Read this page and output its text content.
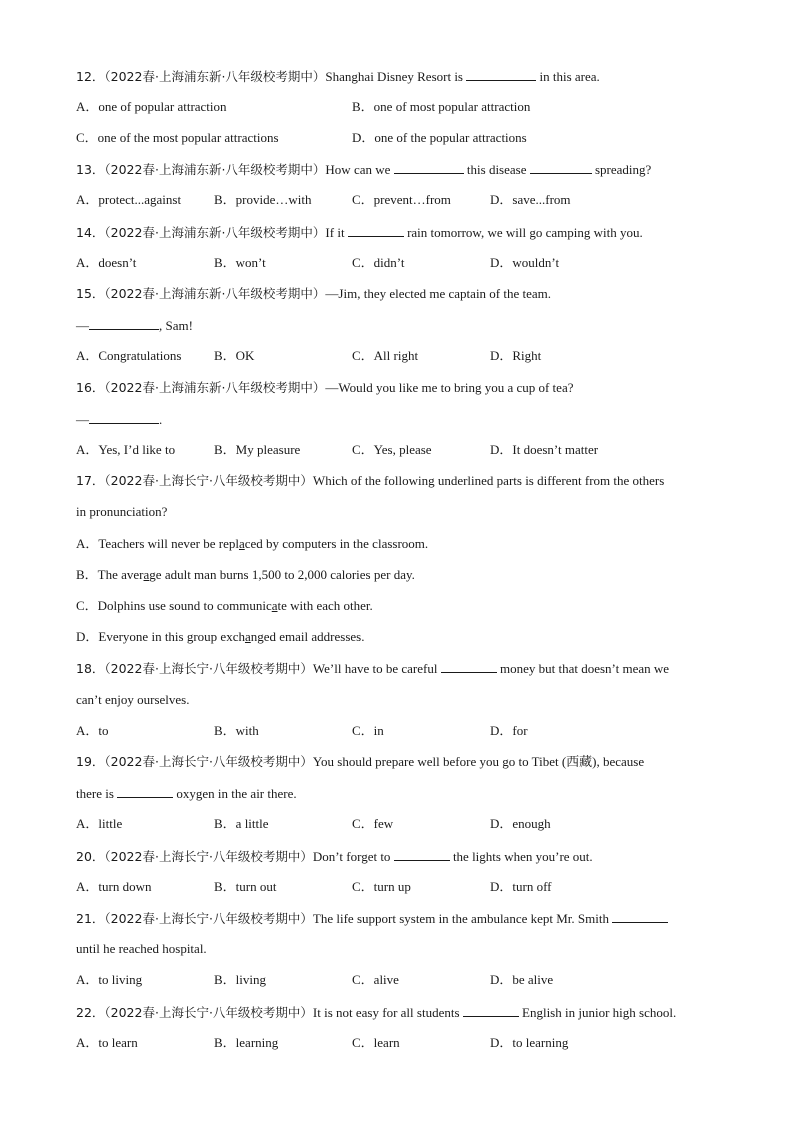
12．（2022春·上海浦东新·八年级校考期中）Shanghai Disney Resort is	in this area.
A．one of popular attraction	B．one of most popular attraction
C．one of the most popular attractions	D．one of the popular attractions
13．（2022春·上海浦东新·八年级校考期中）How can we	this disease	spreading?
A．protect...against	B．provide…with	C．prevent…from	D．save...from
14．（2022春·上海浦东新·八年级校考期中）If it	rain tomorrow, we will go camping with you.
A．doesn’t	B．won’t	C．didn’t	D．wouldn’t
15．（2022春·上海浦东新·八年级校考期中）—Jim, they elected me captain of the team.
—	, Sam!
A．Congratulations	B．OK	C．All right	D．Right
16．（2022春·上海浦东新·八年级校考期中）—Would you like me to bring you a cup of tea?
—	.
A．Yes, I’d like to	B．My pleasure	C．Yes, please	D．It doesn’t matter
17．（2022春·上海长宁·八年级校考期中）Which of the following underlined parts is different from the others
in pronunciation?
A．Teachers will never be replaced by computers in the classroom.
B．The average adult man burns 1,500 to 2,000 calories per day.
C．Dolphins use sound to communicate with each other.
D．Everyone in this group exchanged email addresses.
18．（2022春·上海长宁·八年级校考期中）We’ll have to be careful	money but that doesn’t mean we
can’t enjoy ourselves.
A．to	B．with	C．in	D．for
19．（2022春·上海长宁·八年级校考期中）You should prepare well before you go to Tibet (西藏), because
there is	oxygen in the air there.
A．little	B．a little	C．few	D．enough
20．（2022春·上海长宁·八年级校考期中）Don’t forget to	the lights when you’re out.
A．turn down	B．turn out	C．turn up	D．turn off
21．（2022春·上海长宁·八年级校考期中）The life support system in the ambulance kept Mr. Smith
until he reached hospital.
A．to living	B．living	C．alive	D．be alive
22．（2022春·上海长宁·八年级校考期中）It is not easy for all students	English in junior high school.
A．to learn	B．learning	C．learn	D．to learning
